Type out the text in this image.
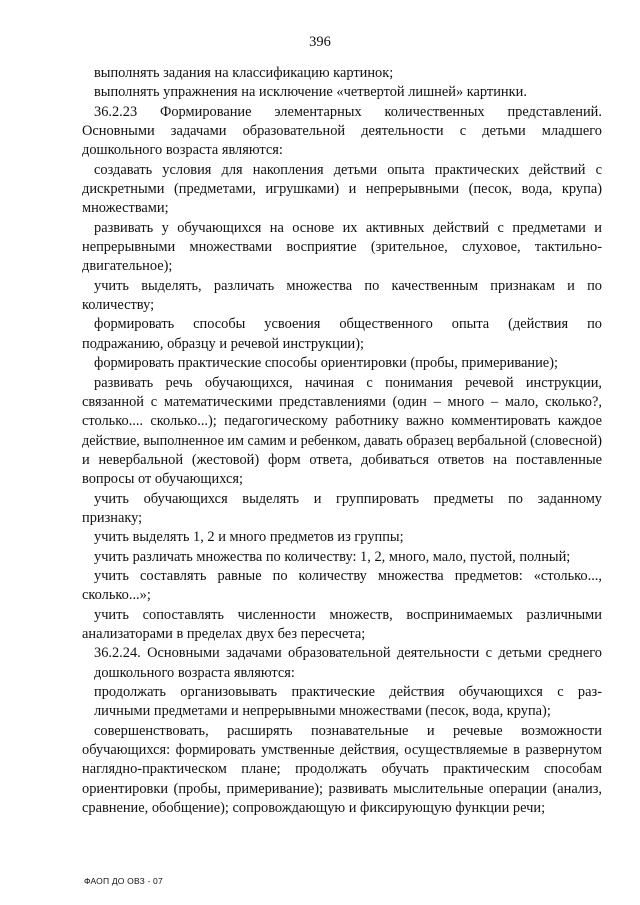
396
выполнять задания на классификацию картинок;
выполнять упражнения на исключение «четвертой лишней» картинки.
36.2.23 Формирование элементарных количественных представлений.
Основными задачами образовательной деятельности с детьми младшего
дошкольного возраста являются:
создавать условия для накопления детьми опыта практических действий с
дискретными (предметами, игрушками) и непрерывными (песок, вода, крупа)
множествами;
развивать у обучающихся на основе их активных действий с предметами и
непрерывными множествами восприятие (зрительное, слуховое, тактильно-
двигательное);
учить выделять, различать множества по качественным признакам и по
количеству;
формировать способы усвоения общественного опыта (действия по
подражанию, образцу и речевой инструкции);
формировать практические способы ориентировки (пробы, примеривание);
развивать речь обучающихся, начиная с понимания речевой инструкции,
связанной с математическими представлениями (один – много – мало, сколько?,
столько.... сколько...); педагогическому работнику важно комментировать каждое
действие, выполненное им самим и ребенком, давать образец вербальной (словесной)
и невербальной (жестовой) форм ответа, добиваться ответов на поставленные
вопросы от обучающихся;
учить обучающихся выделять и группировать предметы по заданному
признаку;
учить выделять 1, 2 и много предметов из группы;
учить различать множества по количеству: 1, 2, много, мало, пустой, полный;
учить составлять равные по количеству множества предметов: «столько...,
сколько...»;
учить сопоставлять численности множеств, воспринимаемых различными
анализаторами в пределах двух без пересчета;
36.2.24. Основными задачами образовательной деятельности с детьми среднего
дошкольного возраста являются:
продолжать организовывать практические действия обучающихся с раз-
личными предметами и непрерывными множествами (песок, вода, крупа);
совершенствовать, расширять познавательные и речевые возможности
обучающихся: формировать умственные действия, осуществляемые в развернутом
наглядно-практическом плане; продолжать обучать практическим способам
ориентировки (пробы, примеривание); развивать мыслительные операции (анализ,
сравнение, обобщение); сопровождающую и фиксирующую функции речи;
ФАОП ДО ОВЗ - 07
